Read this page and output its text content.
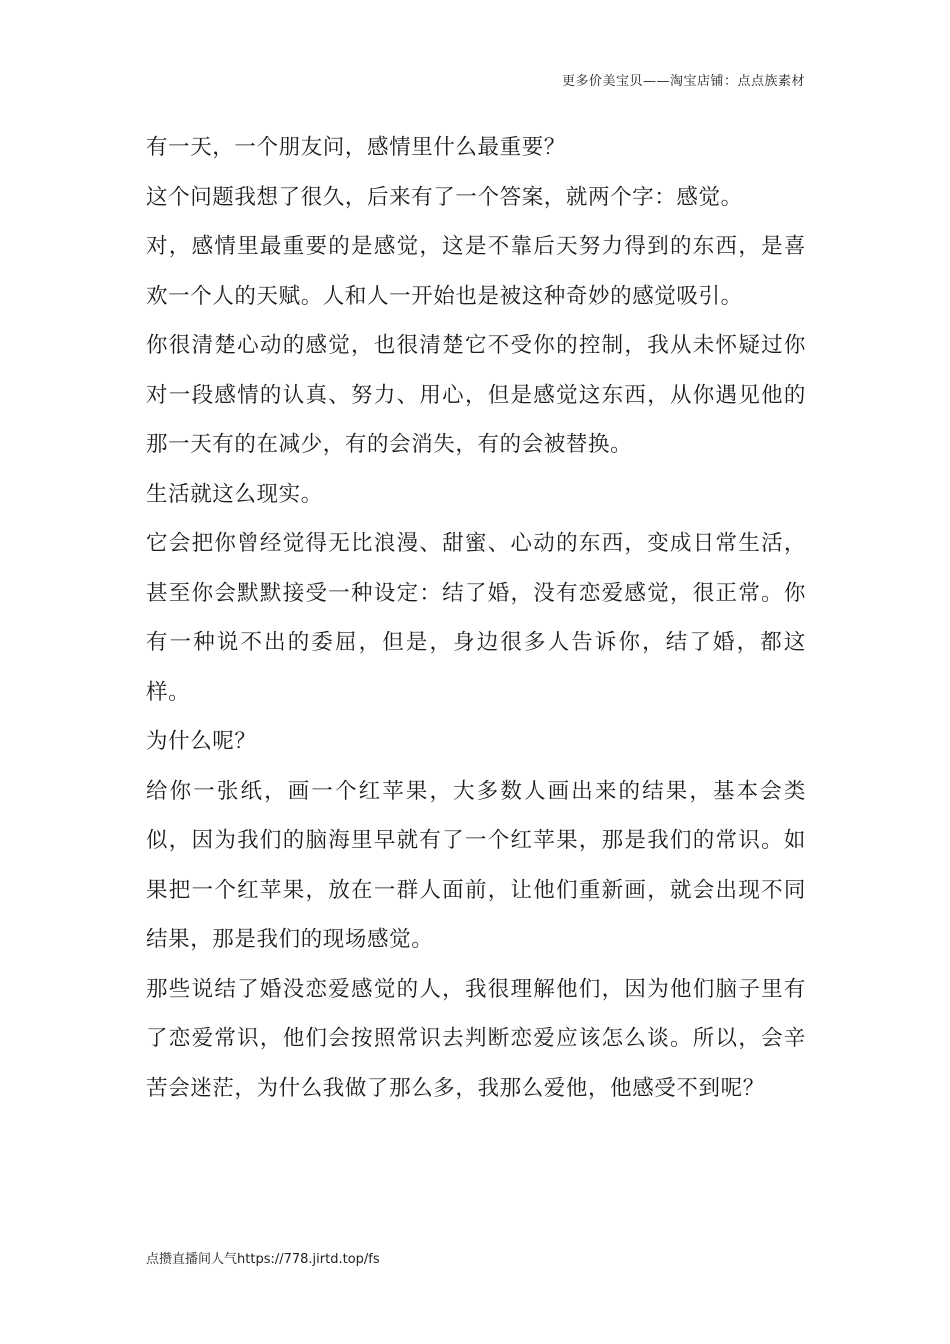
更多价美宝贝——淘宝店铺：点点族素材

有一天，一个朋友问，感情里什么最重要？

这个问题我想了很久，后来有了一个答案，就两个字：感觉。

对，感情里最重要的是感觉，这是不靠后天努力得到的东西，是喜欢一个人的天赋。人和人一开始也是被这种奇妙的感觉吸引。

你很清楚心动的感觉，也很清楚它不受你的控制，我从未怀疑过你对一段感情的认真、努力、用心，但是感觉这东西，从你遇见他的那一天有的在减少，有的会消失，有的会被替换。

生活就这么现实。

它会把你曾经觉得无比浪漫、甜蜜、心动的东西，变成日常生活，甚至你会默默接受一种设定：结了婚，没有恋爱感觉，很正常。你有一种说不出的委屈，但是，身边很多人告诉你，结了婚，都这样。

为什么呢？

给你一张纸，画一个红苹果，大多数人画出来的结果，基本会类似，因为我们的脑海里早就有了一个红苹果，那是我们的常识。如果把一个红苹果，放在一群人面前，让他们重新画，就会出现不同结果，那是我们的现场感觉。

那些说结了婚没恋爱感觉的人，我很理解他们，因为他们脑子里有了恋爱常识，他们会按照常识去判断恋爱应该怎么谈。所以，会辛苦会迷茫，为什么我做了那么多，我那么爱他，他感受不到呢？

点攒直播间人气https://778.jirtd.top/fs
